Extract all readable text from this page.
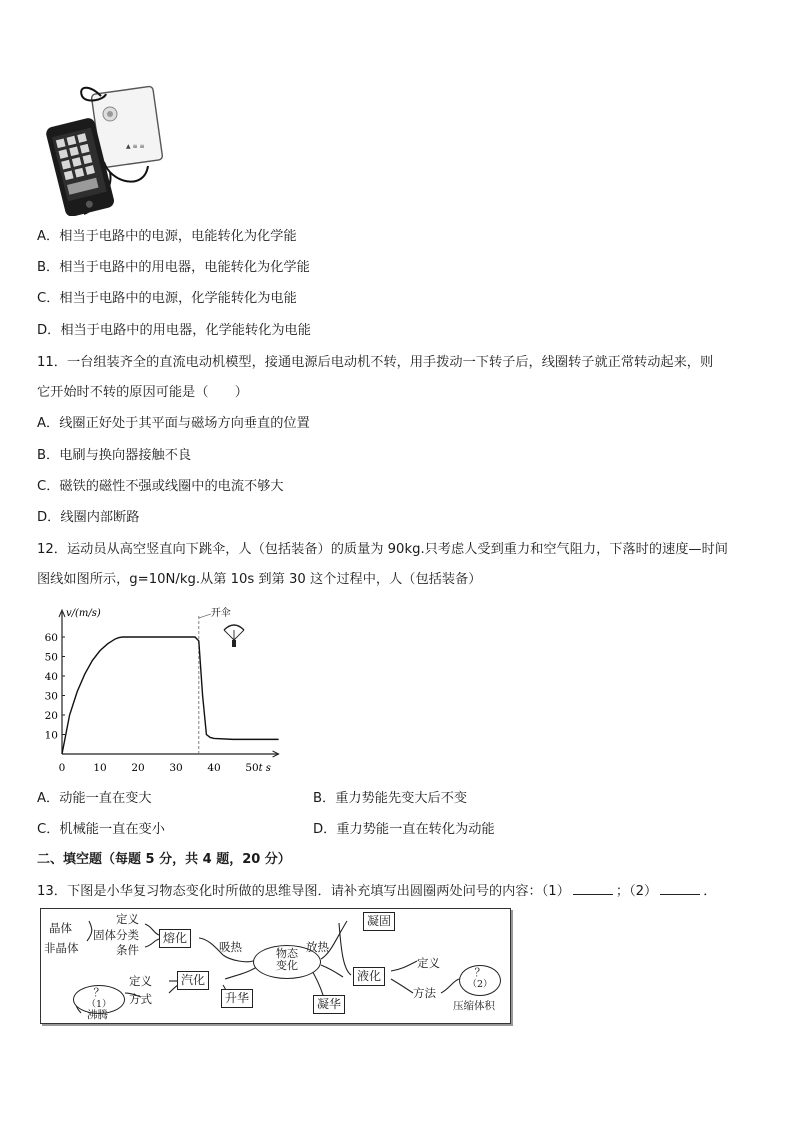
▲ ≡ ≡
A．相当于电路中的电源，电能转化为化学能
B．相当于电路中的用电器，电能转化为化学能
C．相当于电路中的电源，化学能转化为电能
D．相当于电路中的用电器，化学能转化为电能
11．一台组装齐全的直流电动机模型，接通电源后电动机不转，用手拨动一下转子后，线圈转子就正常转动起来，则
它开始时不转的原因可能是（　　）
A．线圈正好处于其平面与磁场方向垂直的位置
B．电刷与换向器接触不良
C．磁铁的磁性不强或线圈中的电流不够大
D．线圈内部断路
12．运动员从高空竖直向下跳伞，人（包括装备）的质量为 90kg.只考虑人受到重力和空气阻力，下落时的速度—时间
图线如图所示，g=10N/kg.从第 10s 到第 30 这个过程中，人（包括装备）
v/(m/s)
t s
0	10 20 30 40 50
10
20
30
40
50
60
开伞
A．动能一直在变大	B．重力势能先变大后不变
C．机械能一直在变小	D．重力势能一直在转化为动能
二、填空题（每题 5 分，共 4 题，20 分）
13．下图是小华复习物态变化时所做的思维导图．请补充填写出圆圈两处问号的内容：（1）	；（2）	．
晶体
非晶体
定义
固体分类
条件
熔化
吸热	物态
变化
放热
凝固
液化
定义
方法
？
（2）
压缩体积
凝华
升华
汽化
定义
方式
？
（1）
沸腾
